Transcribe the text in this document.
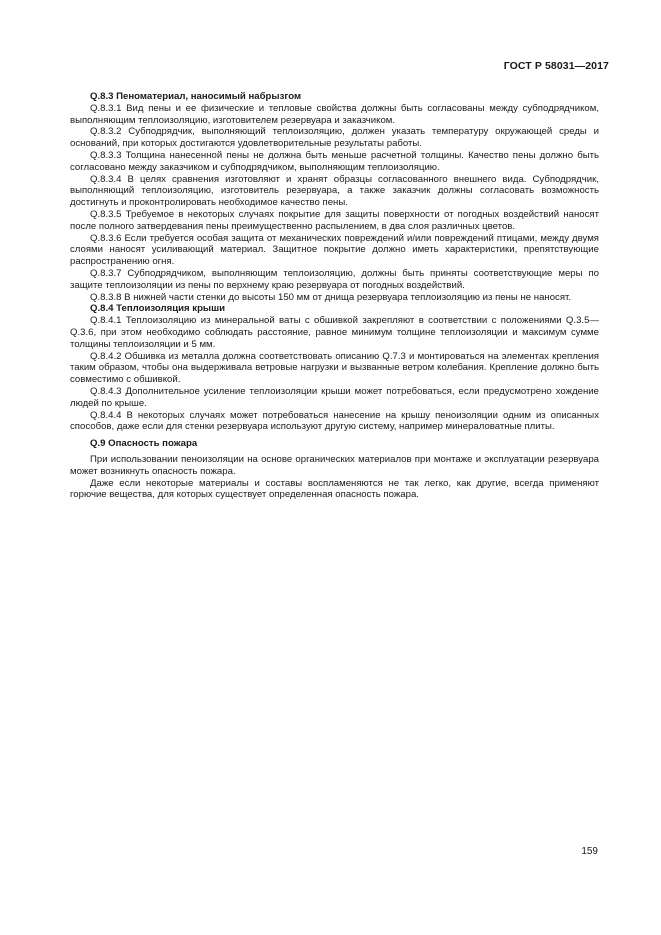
ГОСТ Р 58031—2017
Q.8.3 Пеноматериал, наносимый набрызгом

Q.8.3.1 Вид пены и ее физические и тепловые свойства должны быть согласованы между субподрядчиком, выполняющим теплоизоляцию, изготовителем резервуара и заказчиком.

Q.8.3.2 Субподрядчик, выполняющий теплоизоляцию, должен указать температуру окружающей среды и оснований, при которых достигаются удовлетворительные результаты работы.

Q.8.3.3 Толщина нанесенной пены не должна быть меньше расчетной толщины. Качество пены должно быть согласовано между заказчиком и субподрядчиком, выполняющим теплоизоляцию.

Q.8.3.4 В целях сравнения изготовляют и хранят образцы согласованного внешнего вида. Субподрядчик, выполняющий теплоизоляцию, изготовитель резервуара, а также заказчик должны согласовать возможность достигнуть и проконтролировать необходимое качество пены.

Q.8.3.5 Требуемое в некоторых случаях покрытие для защиты поверхности от погодных воздействий наносят после полного затвердевания пены преимущественно распылением, в два слоя различных цветов.

Q.8.3.6 Если требуется особая защита от механических повреждений и/или повреждений птицами, между двумя слоями наносят усиливающий материал. Защитное покрытие должно иметь характеристики, препятствующие распространению огня.

Q.8.3.7 Субподрядчиком, выполняющим теплоизоляцию, должны быть приняты соответствующие меры по защите теплоизоляции из пены по верхнему краю резервуара от погодных воздействий.

Q.8.3.8 В нижней части стенки до высоты 150 мм от днища резервуара теплоизоляцию из пены не наносят.

Q.8.4 Теплоизоляция крыши

Q.8.4.1 Теплоизоляцию из минеральной ваты с обшивкой закрепляют в соответствии с положениями Q.3.5—Q.3.6, при этом необходимо соблюдать расстояние, равное минимум толщине теплоизоляции и максимум сумме толщины теплоизоляции и 5 мм.

Q.8.4.2 Обшивка из металла должна соответствовать описанию Q.7.3 и монтироваться на элементах крепления таким образом, чтобы она выдерживала ветровые нагрузки и вызванные ветром колебания. Крепление должно быть совместимо с обшивкой.

Q.8.4.3 Дополнительное усиление теплоизоляции крыши может потребоваться, если предусмотрено хождение людей по крыше.

Q.8.4.4 В некоторых случаях может потребоваться нанесение на крышу пеноизоляции одним из описанных способов, даже если для стенки резервуара используют другую систему, например минераловатные плиты.

Q.9 Опасность пожара

При использовании пеноизоляции на основе органических материалов при монтаже и эксплуатации резервуара может возникнуть опасность пожара.

Даже если некоторые материалы и составы воспламеняются не так легко, как другие, всегда применяют горючие вещества, для которых существует определенная опасность пожара.

159
